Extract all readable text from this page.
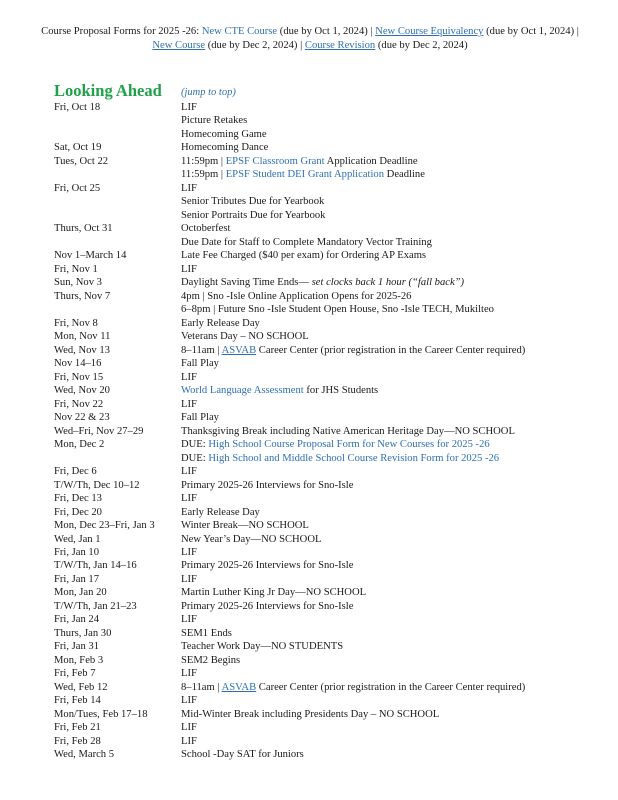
Course Proposal Forms for 2025 -26: New CTE Course (due by Oct 1, 2024) | New Course Equivalency (due by Oct 1, 2024) | New Course (due by Dec 2, 2024) | Course Revision (due by Dec 2, 2024)
Looking Ahead (jump to top)
Fri, Oct 18	LIF
Picture Retakes
Homecoming Game
Sat, Oct 19	Homecoming Dance
Tues, Oct 22	11:59pm | EPSF Classroom Grant Application Deadline
11:59pm | EPSF Student DEI Grant Application Deadline
Fri, Oct 25	LIF
Senior Tributes Due for Yearbook
Senior Portraits Due for Yearbook
Thurs, Oct 31	Octoberfest
Due Date for Staff to Complete Mandatory Vector Training
Nov 1–March 14	Late Fee Charged ($40 per exam) for Ordering AP Exams
Fri, Nov 1	LIF
Sun, Nov 3	Daylight Saving Time Ends— set clocks back 1 hour (“fall back”)
Thurs, Nov 7	4pm | Sno -Isle Online Application Opens for 2025-26
6–8pm | Future Sno -Isle Student Open House, Sno -Isle TECH, Mukilteo
Fri, Nov 8	Early Release Day
Mon, Nov 11	Veterans Day – NO SCHOOL
Wed, Nov 13	8–11am | ASVAB Career Center (prior registration in the Career Center required)
Nov 14–16	Fall Play
Fri, Nov 15	LIF
Wed, Nov 20	World Language Assessment for JHS Students
Fri, Nov 22	LIF
Nov 22 & 23	Fall Play
Wed–Fri, Nov 27–29	Thanksgiving Break including Native American Heritage Day—NO SCHOOL
Mon, Dec 2	DUE: High School Course Proposal Form for New Courses for 2025 -26
DUE: High School and Middle School Course Revision Form for 2025 -26
Fri, Dec 6	LIF
T/W/Th, Dec 10–12	Primary 2025-26 Interviews for Sno-Isle
Fri, Dec 13	LIF
Fri, Dec 20	Early Release Day
Mon, Dec 23–Fri, Jan 3 Winter Break—NO SCHOOL
Wed, Jan 1	New Year’s Day—NO SCHOOL
Fri, Jan 10	LIF
T/W/Th, Jan 14–16	Primary 2025-26 Interviews for Sno-Isle
Fri, Jan 17	LIF
Mon, Jan 20	Martin Luther King Jr Day—NO SCHOOL
T/W/Th, Jan 21–23	Primary 2025-26 Interviews for Sno-Isle
Fri, Jan 24	LIF
Thurs, Jan 30	SEM1 Ends
Fri, Jan 31	Teacher Work Day—NO STUDENTS
Mon, Feb 3	SEM2 Begins
Fri, Feb 7	LIF
Wed, Feb 12	8–11am | ASVAB Career Center (prior registration in the Career Center required)
Fri, Feb 14	LIF
Mon/Tues, Feb 17–18	Mid-Winter Break including Presidents Day – NO SCHOOL
Fri, Feb 21	LIF
Fri, Feb 28	LIF
Wed, March 5	School -Day SAT for Juniors
